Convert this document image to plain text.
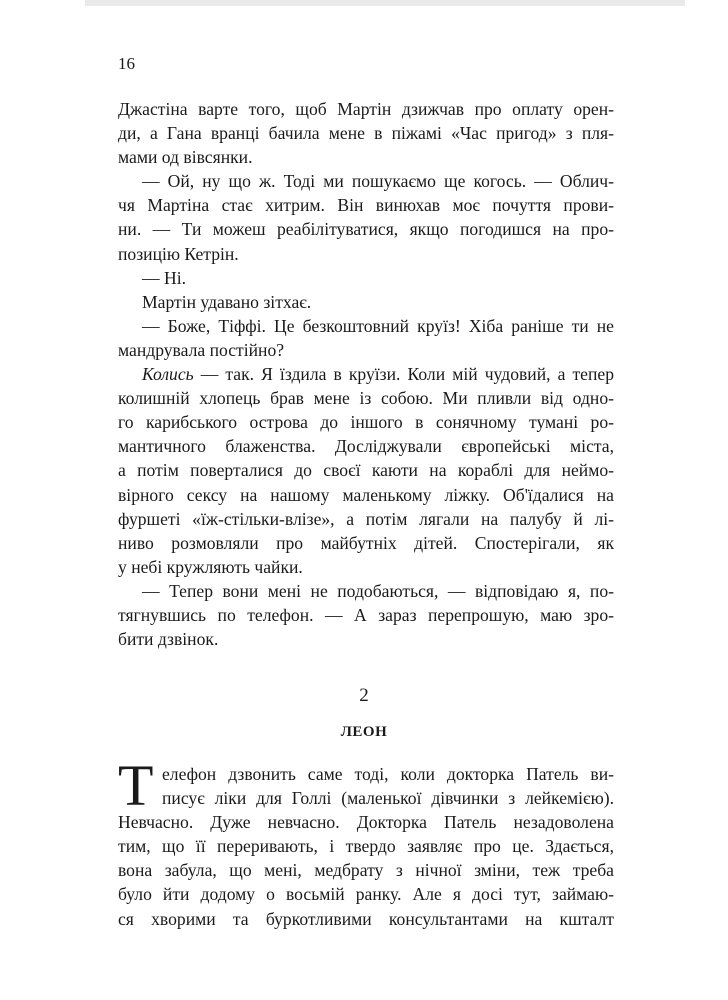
16
Джастіна варте того, щоб Мартін дзижчав про оплату орен-
ди, а Гана вранці бачила мене в піжамі «Час пригод» з пля-
мами од вівсянки.
— Ой, ну що ж. Тоді ми пошукаємо ще когось. — Облич-
чя Мартіна стає хитрим. Він винюхав моє почуття прови-
ни. — Ти можеш реабілітуватися, якщо погодишся на про-
позицію Кетрін.
— Ні.
Мартін удавано зітхає.
— Боже, Тіффі. Це безкоштовний круїз! Хіба раніше ти не
мандрувала постійно?
Колись — так. Я їздила в круїзи. Коли мій чудовий, а тепер
колишній хлопець брав мене із собою. Ми пливли від одно-
го карибського острова до іншого в сонячному тумані ро-
мантичного блаженства. Досліджували європейські міста,
а потім поверталися до своєї каюти на кораблі для неймо-
вірного сексу на нашому маленькому ліжку. Об'їдалися на
фуршеті «їж-стільки-влізе», а потім лягали на палубу й лі-
ниво розмовляли про майбутніх дітей. Спостерігали, як
у небі кружляють чайки.
— Тепер вони мені не подобаються, — відповідаю я, по-
тягнувшись по телефон. — А зараз перепрошую, маю зро-
бити дзвінок.
2
ЛЕОН
Т елефон дзвонить саме тоді, коли докторка Патель ви-
писує ліки для Голлі (маленької дівчинки з лейкемією).
Невчасно. Дуже невчасно. Докторка Патель незадоволена
тим, що її переривають, і твердо заявляє про це. Здається,
вона забула, що мені, медбрату з нічної зміни, теж треба
було йти додому о восьмій ранку. Але я досі тут, займаю-
ся хворими та буркотливими консультантами на кшталт
